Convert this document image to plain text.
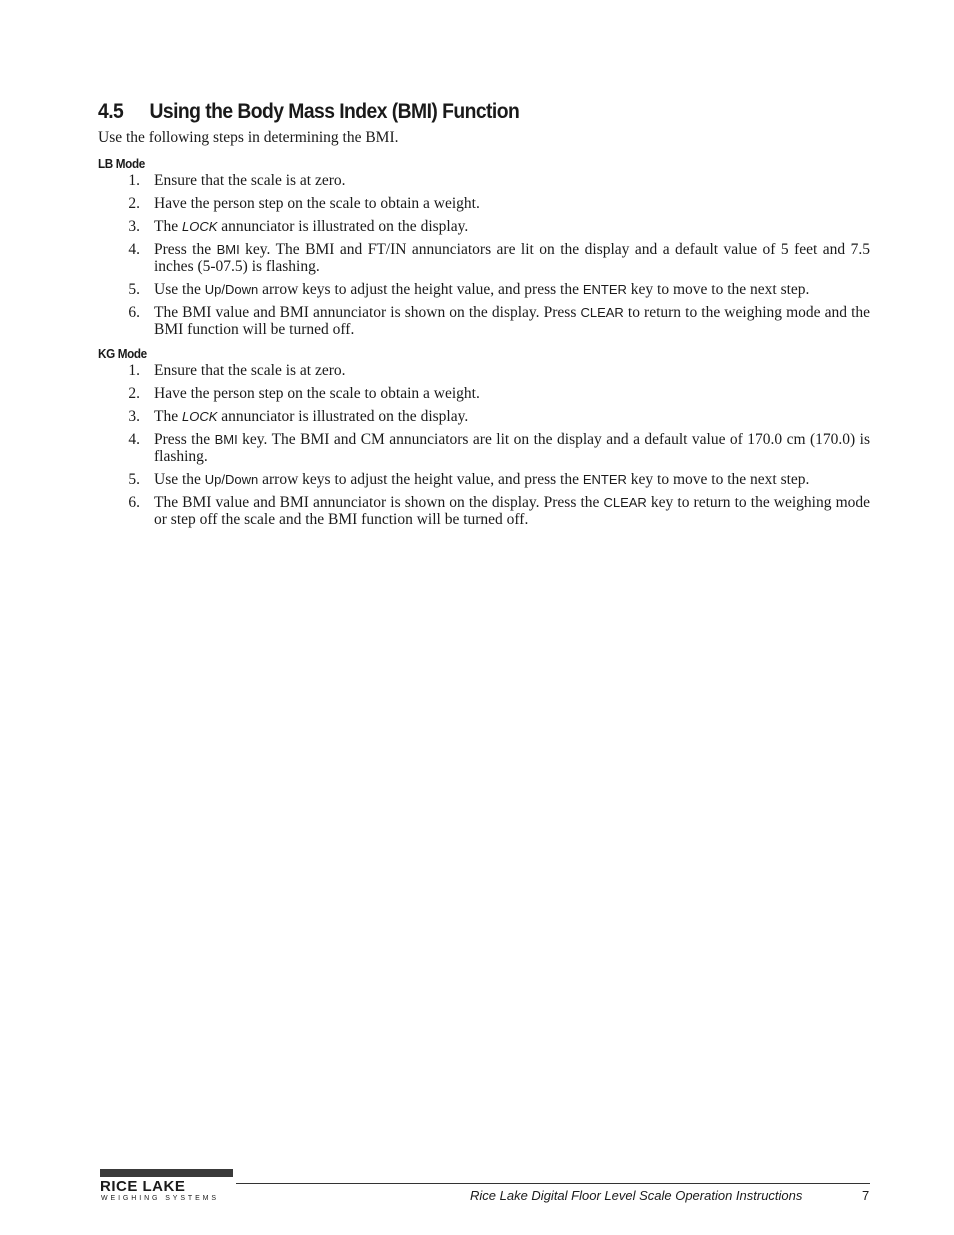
4.5 Using the Body Mass Index (BMI) Function

Use the following steps in determining the BMI.

LB Mode
1. Ensure that the scale is at zero.
2. Have the person step on the scale to obtain a weight.
3. The LOCK annunciator is illustrated on the display.
4. Press the BMI key. The BMI and FT/IN annunciators are lit on the display and a default value of 5 feet and 7.5 inches (5-07.5) is flashing.
5. Use the Up/Down arrow keys to adjust the height value, and press the ENTER key to move to the next step.
6. The BMI value and BMI annunciator is shown on the display. Press CLEAR to return to the weighing mode and the BMI function will be turned off.
KG Mode
1. Ensure that the scale is at zero.
2. Have the person step on the scale to obtain a weight.
3. The LOCK annunciator is illustrated on the display.
4. Press the BMI key. The BMI and CM annunciators are lit on the display and a default value of 170.0 cm (170.0) is flashing.
5. Use the Up/Down arrow keys to adjust the height value, and press the ENTER key to move to the next step.
6. The BMI value and BMI annunciator is shown on the display. Press the CLEAR key to return to the weighing mode or step off the scale and the BMI function will be turned off.
RICE LAKE
WEIGHING SYSTEMS	Rice Lake Digital Floor Level Scale Operation Instructions	7
